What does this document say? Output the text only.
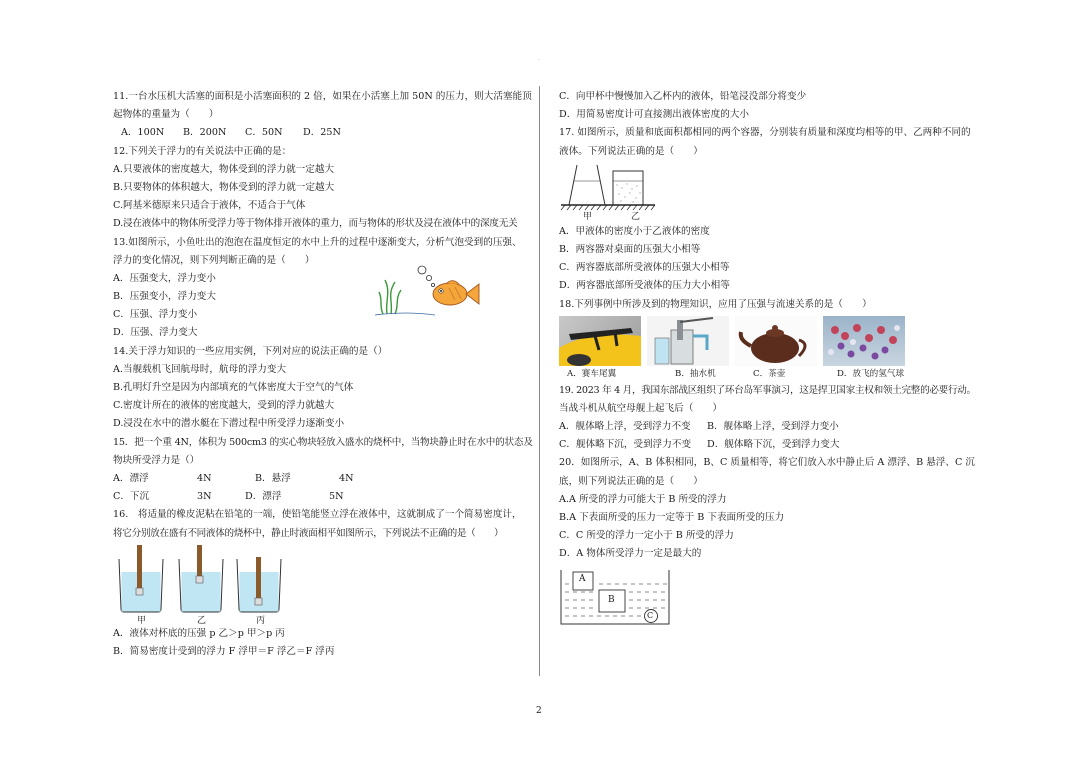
·
11.一台水压机大活塞的面积是小活塞面积的 2 倍，如果在小活塞上加 50N 的压力，则大活塞能顶
起物体的重量为（　　）
A．100N	B．200N	C．50N	D．25N
12.下列关于浮力的有关说法中正确的是：
A.只要液体的密度越大，物体受到的浮力就一定越大
B.只要物体的体积越大，物体受到的浮力就一定越大
C.阿基米德原来只适合于液体，不适合于气体
D.浸在液体中的物体所受浮力等于物体排开液体的重力，而与物体的形状及浸在液体中的深度无关
13.如图所示，小鱼吐出的泡泡在温度恒定的水中上升的过程中逐渐变大，分析气泡受到的压强、
浮力的变化情况，则下列判断正确的是（　　）
A．压强变大，浮力变小
B．压强变小，浮力变大
C．压强、浮力变小
D．压强、浮力变大
14.关于浮力知识的一些应用实例，下列对应的说法正确的是（）
A.当舰载机飞回航母时，航母的浮力变大
B.孔明灯升空是因为内部填充的气体密度大于空气的气体
C.密度计所在的液体的密度越大，受到的浮力就越大
D.浸没在水中的潜水艇在下潜过程中所受浮力逐渐变小
15．把一个重 4N，体积为 500cm3 的实心物块轻放入盛水的烧杯中，当物块静止时在水中的状态及
物块所受浮力是（）
A．漂浮	4N	B．悬浮	4N
C．下沉	3N	D．漂浮	5N
16.　将适量的橡皮泥粘在铅笔的一端，使铅笔能竖立浮在液体中，这就制成了一个简易密度计，
将它分别放在盛有不同液体的烧杯中，静止时液面相平如图所示，下列说法不正确的是（　　）
甲	乙	丙
A．液体对杯底的压强 p 乙＞p 甲＞p 丙
B．简易密度计受到的浮力 F 浮甲＝F 浮乙＝F 浮丙
C．向甲杯中慢慢加入乙杯内的液体，铅笔浸没部分将变少
D．用简易密度计可直接测出液体密度的大小
17. 如图所示，质量和底面积都相同的两个容器，分别装有质量和深度均相等的甲、乙两种不同的
液体。下列说法正确的是（　　）
甲	乙
A．甲液体的密度小于乙液体的密度
B．两容器对桌面的压强大小相等
C．两容器底部所受液体的压强大小相等
D．两容器底部所受液体的压力大小相等
18.下列事例中所涉及到的物理知识，应用了压强与流速关系的是（　　）
A．赛车尾翼	B．抽水机	C．茶壶	D．放飞的氢气球
19. 2023 年 4 月，我国东部战区组织了环台岛军事演习，这是捍卫国家主权和领土完整的必要行动。
当战斗机从航空母舰上起飞后（　　）
A．舰体略上浮，受到浮力不变	B．舰体略上浮，受到浮力变小
C．舰体略下沉，受到浮力不变	D．舰体略下沉，受到浮力变大
20．如图所示，A、B 体积相同，B、C 质量相等，将它们放入水中静止后 A 漂浮、B 悬浮、C 沉
底，则下列说法正确的是（　　）
A.A 所受的浮力可能大于 B 所受的浮力
B.A 下表面所受的压力一定等于 B 下表面所受的压力
C．C 所受的浮力一定小于 B 所受的浮力
D．A 物体所受浮力一定是最大的
A
B
C
2
